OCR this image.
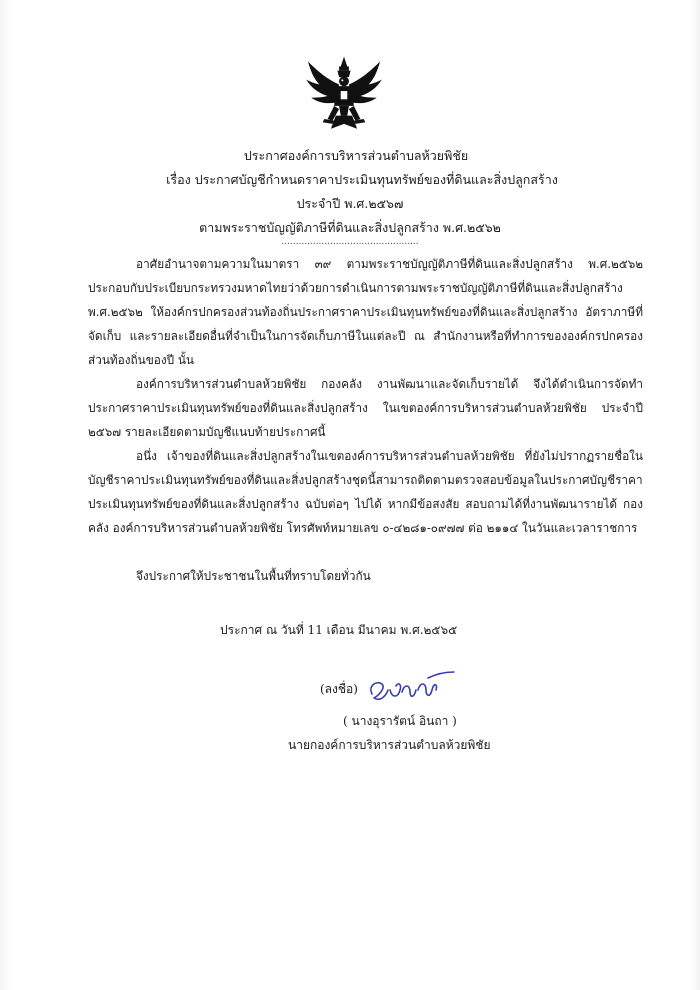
ประกาศองค์การบริหารส่วนตำบลห้วยพิชัย
เรื่อง ประกาศบัญชีกำหนดราคาประเมินทุนทรัพย์ของที่ดินและสิ่งปลูกสร้าง
ประจำปี พ.ศ.๒๕๖๗
ตามพระราชบัญญัติภาษีที่ดินและสิ่งปลูกสร้าง พ.ศ.๒๕๖๒
................................................

อาศัยอำนาจตามความในมาตรา ๓๙ ตามพระราชบัญญัติภาษีที่ดินและสิ่งปลูกสร้าง พ.ศ.๒๕๖๒ ประกอบกับประเบียบกระทรวงมหาดไทยว่าด้วยการดำเนินการตามพระราชบัญญัติภาษีที่ดินและสิ่งปลูกสร้าง พ.ศ.๒๕๖๒ ให้องค์กรปกครองส่วนท้องถิ่นประกาศราคาประเมินทุนทรัพย์ของที่ดินและสิ่งปลูกสร้าง อัตราภาษีที่จัดเก็บ และรายละเอียดอื่นที่จำเป็นในการจัดเก็บภาษีในแต่ละปี ณ สำนักงานหรือที่ทำการขององค์กรปกครองส่วนท้องถิ่นของปี นั้น

องค์การบริหารส่วนตำบลห้วยพิชัย กองคลัง งานพัฒนาและจัดเก็บรายได้ จึงได้ดำเนินการจัดทำประกาศราคาประเมินทุนทรัพย์ของที่ดินและสิ่งปลูกสร้าง ในเขตองค์การบริหารส่วนตำบลห้วยพิชัย ประจำปี ๒๕๖๗ รายละเอียดตามบัญชีแนบท้ายประกาศนี้

อนึ่ง เจ้าของที่ดินและสิ่งปลูกสร้างในเขตองค์การบริหารส่วนตำบลห้วยพิชัย ที่ยังไม่ปรากฏรายชื่อในบัญชีราคาประเมินทุนทรัพย์ของที่ดินและสิ่งปลูกสร้างชุดนี้สามารถติดตามตรวจสอบข้อมูลในประกาศบัญชีราคาประเมินทุนทรัพย์ของที่ดินและสิ่งปลูกสร้าง ฉบับต่อๆ ไปได้ หากมีข้อสงสัย สอบถามได้ที่งานพัฒนารายได้ กองคลัง องค์การบริหารส่วนตำบลห้วยพิชัย โทรศัพท์หมายเลข ๐-๔๒๘๑-๐๙๗๗ ต่อ ๒๑๑๔ ในวันและเวลาราชการ

จึงประกาศให้ประชาชนในพื้นที่ทราบโดยทั่วกัน

ประกาศ ณ วันที่ 11 เดือน มีนาคม พ.ศ.๒๕๖๕
(ลงชื่อ)
( นางอุรารัตน์ อินถา )
นายกองค์การบริหารส่วนตำบลห้วยพิชัย
